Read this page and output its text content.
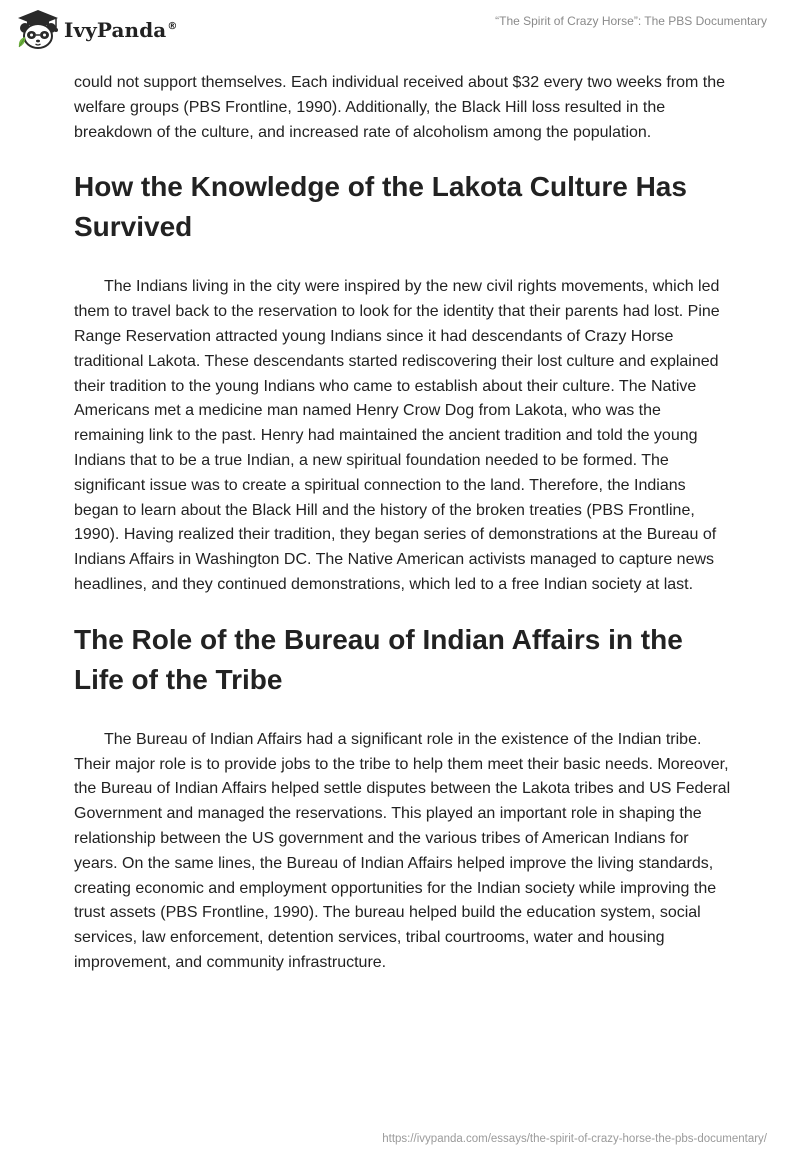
IvyPanda®	“The Spirit of Crazy Horse”: The PBS Documentary

could not support themselves. Each individual received about $32 every two weeks from the welfare groups (PBS Frontline, 1990). Additionally, the Black Hill loss resulted in the breakdown of the culture, and increased rate of alcoholism among the population.

How the Knowledge of the Lakota Culture Has Survived

The Indians living in the city were inspired by the new civil rights movements, which led them to travel back to the reservation to look for the identity that their parents had lost. Pine Range Reservation attracted young Indians since it had descendants of Crazy Horse traditional Lakota. These descendants started rediscovering their lost culture and explained their tradition to the young Indians who came to establish about their culture. The Native Americans met a medicine man named Henry Crow Dog from Lakota, who was the remaining link to the past. Henry had maintained the ancient tradition and told the young Indians that to be a true Indian, a new spiritual foundation needed to be formed. The significant issue was to create a spiritual connection to the land. Therefore, the Indians began to learn about the Black Hill and the history of the broken treaties (PBS Frontline, 1990). Having realized their tradition, they began series of demonstrations at the Bureau of Indians Affairs in Washington DC. The Native American activists managed to capture news headlines, and they continued demonstrations, which led to a free Indian society at last.

The Role of the Bureau of Indian Affairs in the Life of the Tribe

The Bureau of Indian Affairs had a significant role in the existence of the Indian tribe. Their major role is to provide jobs to the tribe to help them meet their basic needs. Moreover, the Bureau of Indian Affairs helped settle disputes between the Lakota tribes and US Federal Government and managed the reservations. This played an important role in shaping the relationship between the US government and the various tribes of American Indians for years. On the same lines, the Bureau of Indian Affairs helped improve the living standards, creating economic and employment opportunities for the Indian society while improving the trust assets (PBS Frontline, 1990). The bureau helped build the education system, social services, law enforcement, detention services, tribal courtrooms, water and housing improvement, and community infrastructure.

https://ivypanda.com/essays/the-spirit-of-crazy-horse-the-pbs-documentary/
